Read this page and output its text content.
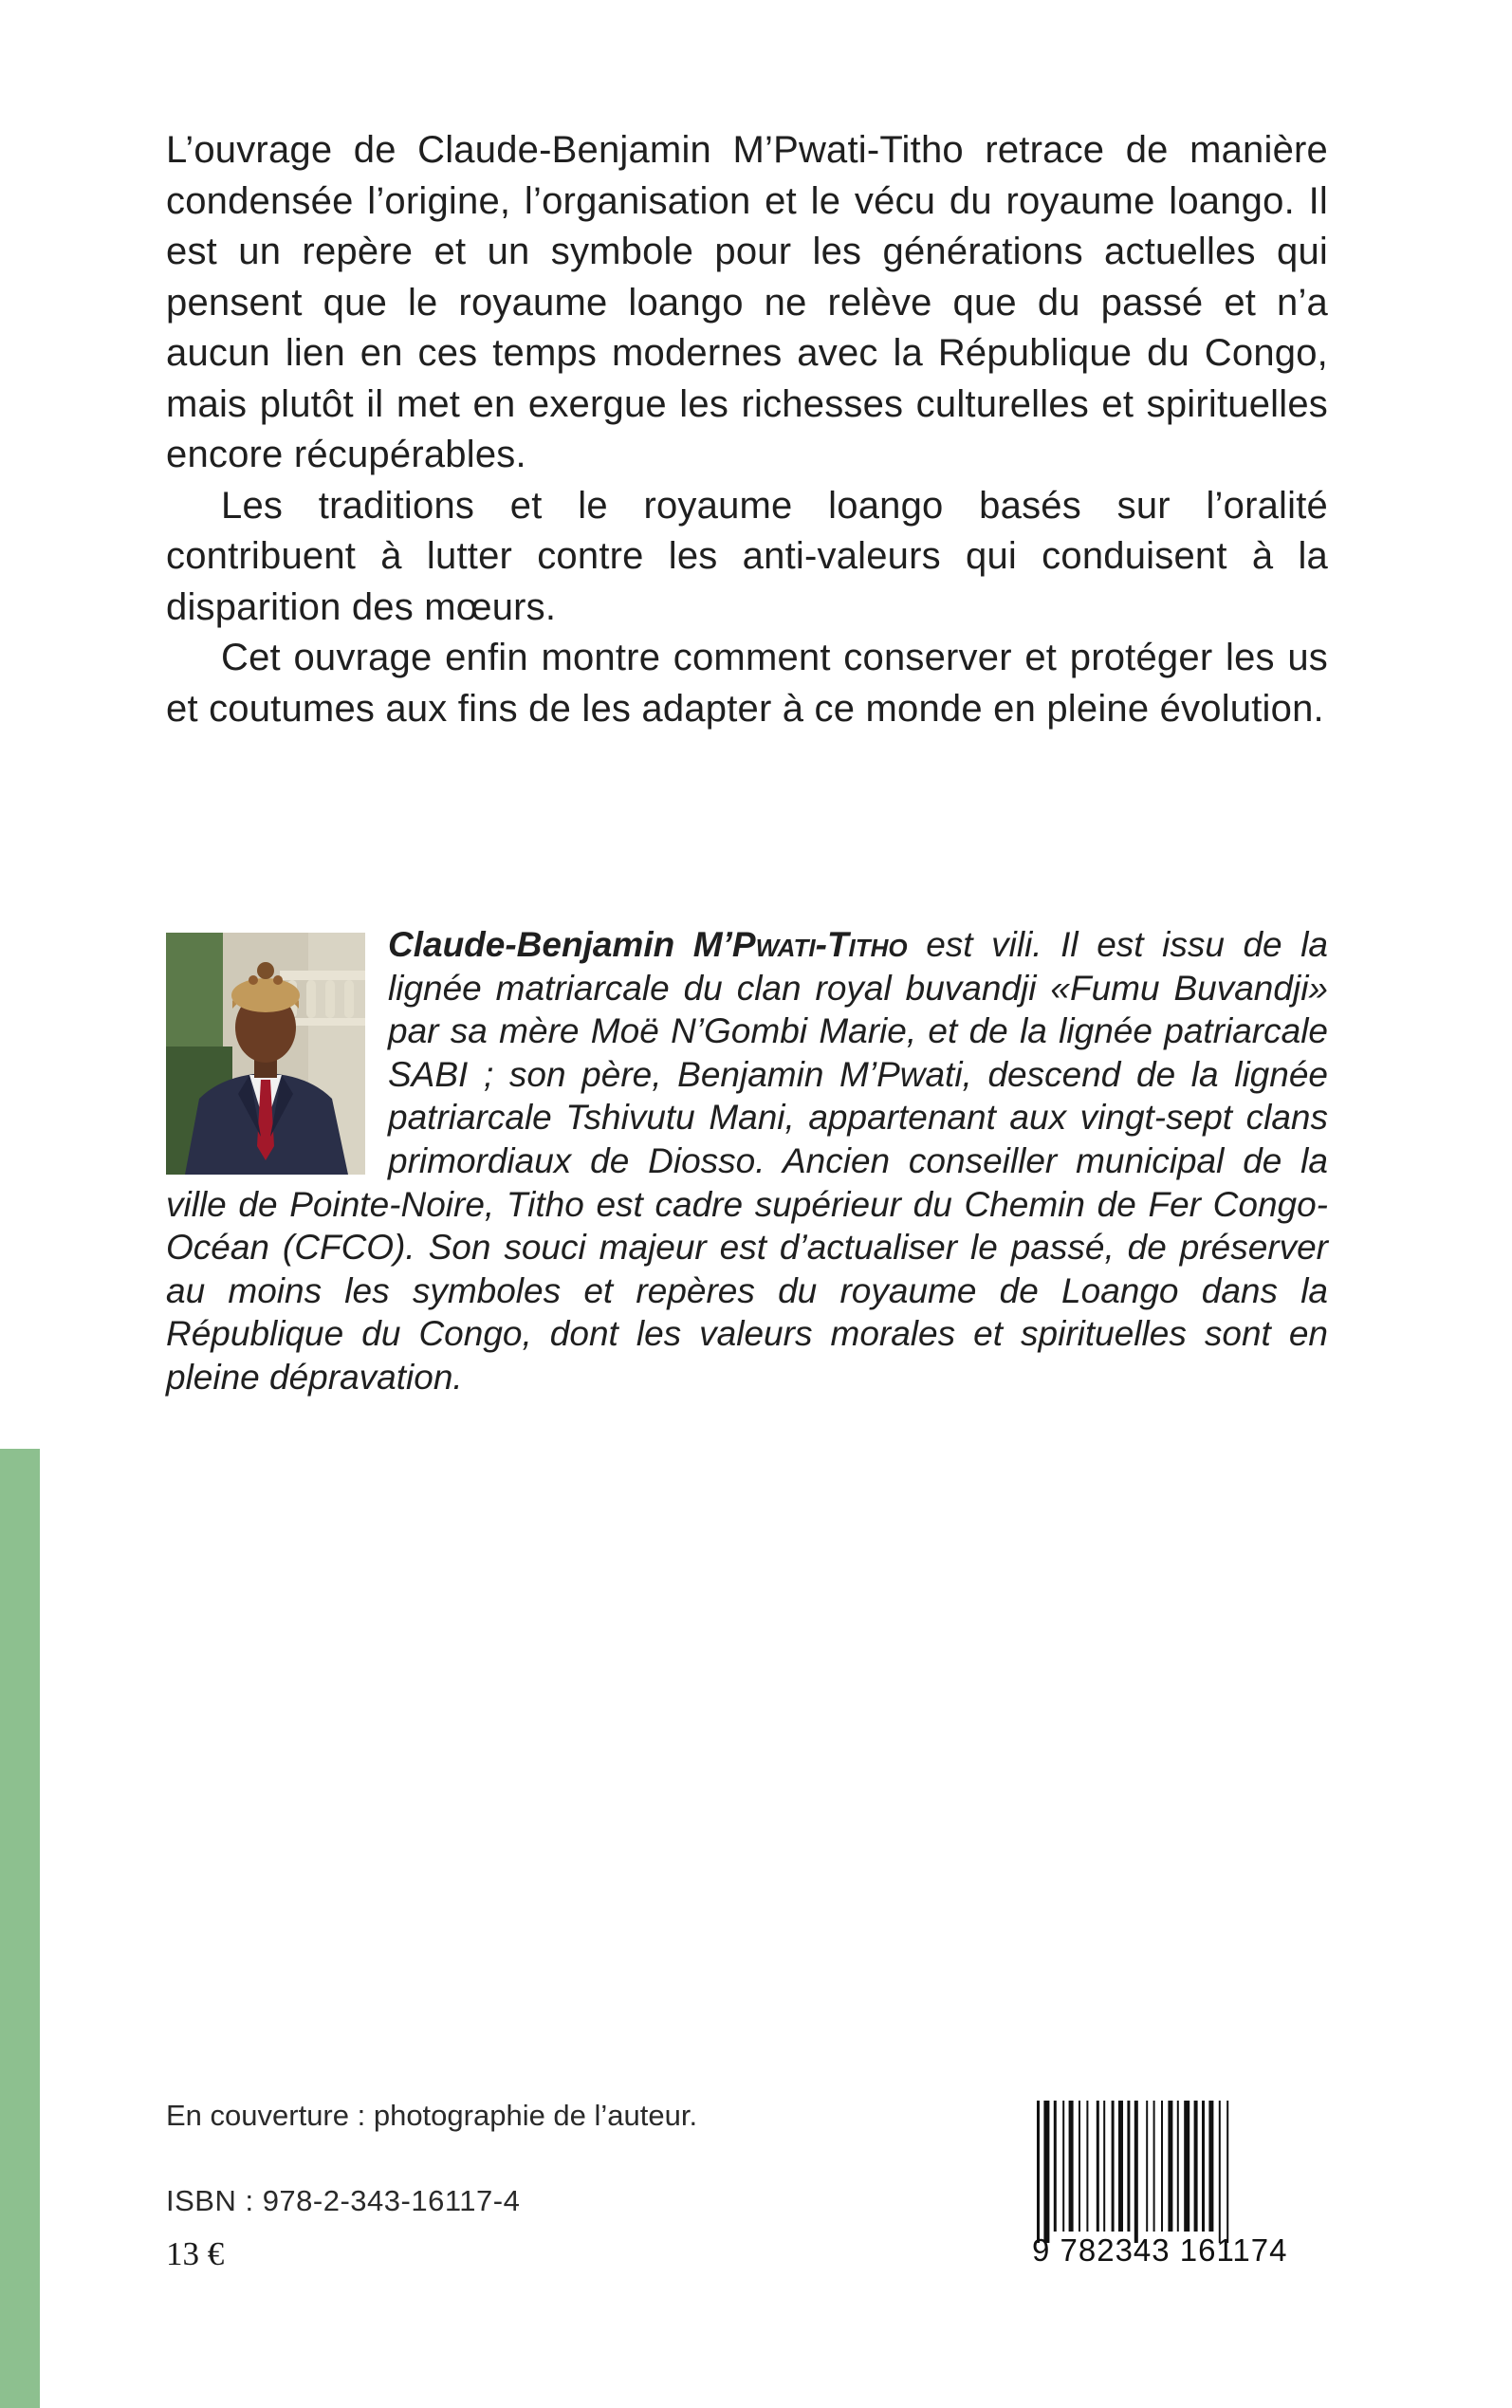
L’ouvrage de Claude-Benjamin M’Pwati-Titho retrace de manière condensée l’origine, l’organisation et le vécu du royaume loango. Il est un repère et un symbole pour les générations actuelles qui pensent que le royaume loango ne relève que du passé et n’a aucun lien en ces temps modernes avec la République du Congo, mais plutôt il met en exergue les richesses culturelles et spirituelles encore récupérables.

Les traditions et le royaume loango basés sur l’oralité contribuent à lutter contre les anti-valeurs qui conduisent à la disparition des mœurs.

Cet ouvrage enfin montre comment conserver et protéger les us et coutumes aux fins de les adapter à ce monde en pleine évolution.

Claude-Benjamin M’Pwati-Titho est vili. Il est issu de la lignée matriarcale du clan royal buvandji «Fumu Buvandji» par sa mère Moë N’Gombi Marie, et de la lignée patriarcale SABI ; son père, Benjamin M’Pwati, descend de la lignée patriarcale Tshivutu Mani, appartenant aux vingt-sept clans primordiaux de Diosso. Ancien conseiller municipal de la ville de Pointe-Noire, Titho est cadre supérieur du Chemin de Fer Congo-Océan (CFCO). Son souci majeur est d’actualiser le passé, de préserver au moins les symboles et repères du royaume de Loango dans la République du Congo, dont les valeurs morales et spirituelles sont en pleine dépravation.
En couverture : photographie de l’auteur.
ISBN : 978-2-343-16117-4
13 €	9 782343 161174
